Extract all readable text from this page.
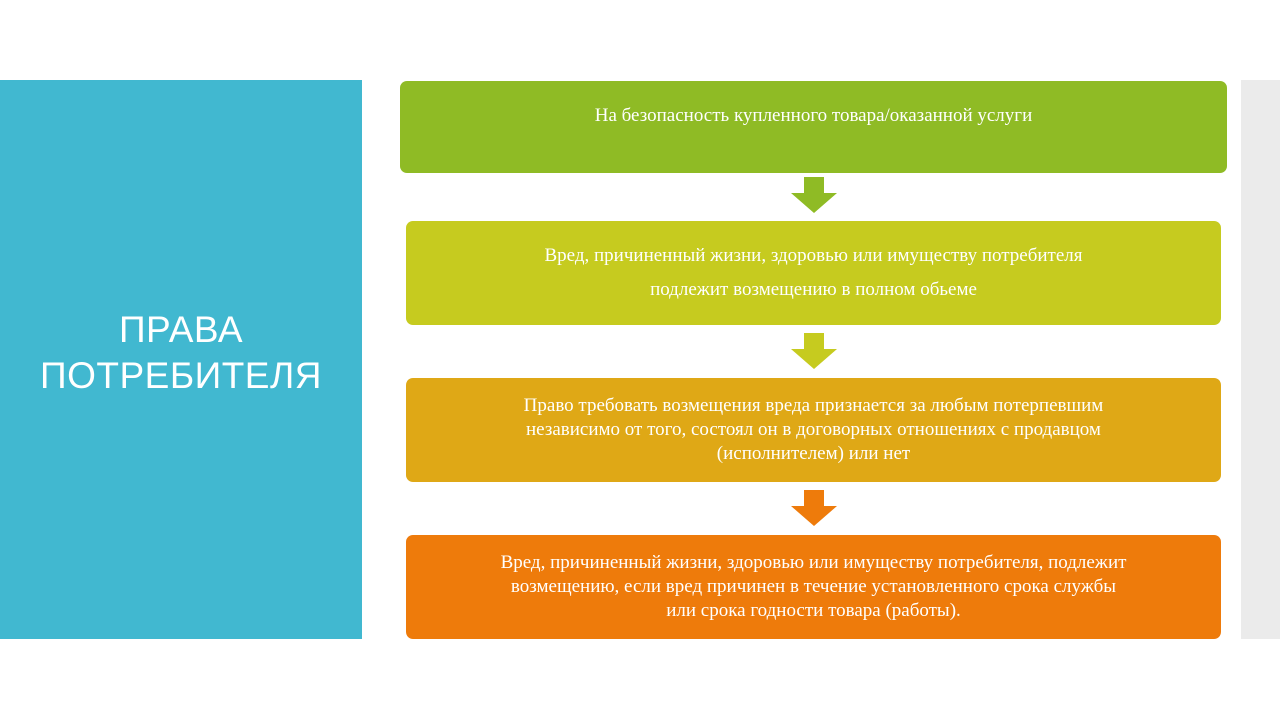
ПРАВА
ПОТРЕБИТЕЛЯ
На безопасность купленного товара/оказанной услуги
Вред, причиненный жизни, здоровью или имуществу потребителя
подлежит возмещению в полном обьеме
Право требовать возмещения вреда признается за любым потерпевшим
независимо от того, состоял он в договорных отношениях с продавцом
(исполнителем) или нет
Вред, причиненный жизни, здоровью или имуществу потребителя, подлежит
возмещению, если вред причинен в течение установленного срока службы
или срока годности товара (работы).
